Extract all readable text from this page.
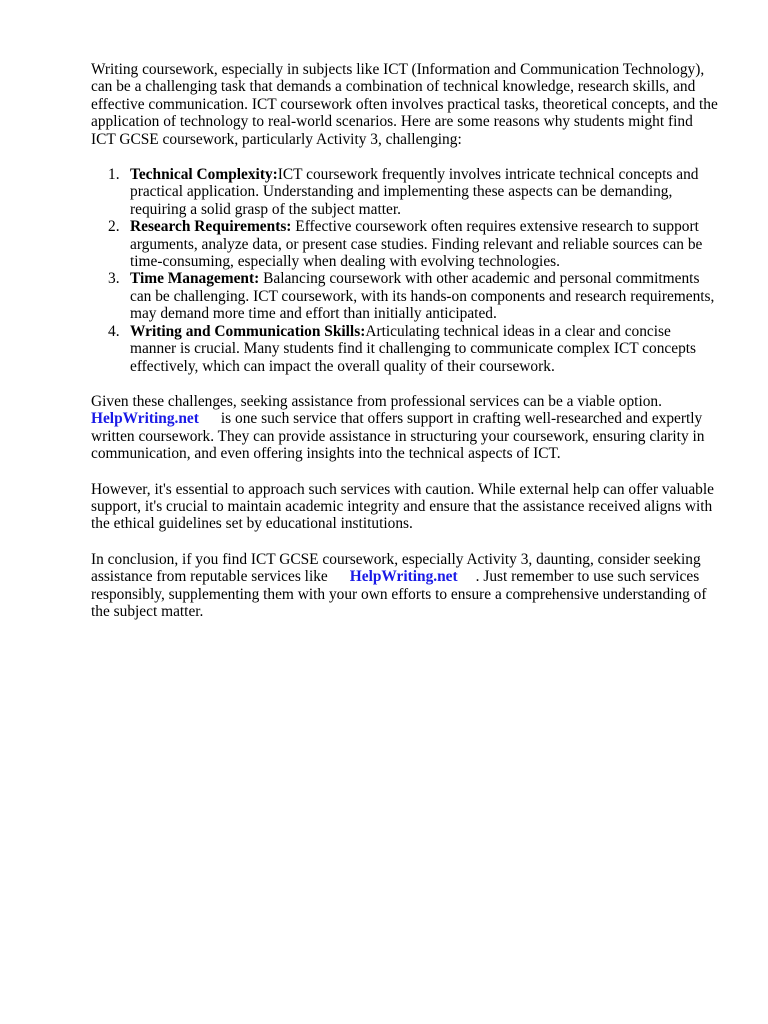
Writing coursework, especially in subjects like ICT (Information and Communication Technology), can be a challenging task that demands a combination of technical knowledge, research skills, and effective communication. ICT coursework often involves practical tasks, theoretical concepts, and the application of technology to real-world scenarios. Here are some reasons why students might find ICT GCSE coursework, particularly Activity 3, challenging:

1. Technical Complexity:ICT coursework frequently involves intricate technical concepts and practical application. Understanding and implementing these aspects can be demanding, requiring a solid grasp of the subject matter.
2. Research Requirements: Effective coursework often requires extensive research to support arguments, analyze data, or present case studies. Finding relevant and reliable sources can be time-consuming, especially when dealing with evolving technologies.
3. Time Management: Balancing coursework with other academic and personal commitments can be challenging. ICT coursework, with its hands-on components and research requirements, may demand more time and effort than initially anticipated.
4. Writing and Communication Skills:Articulating technical ideas in a clear and concise manner is crucial. Many students find it challenging to communicate complex ICT concepts effectively, which can impact the overall quality of their coursework.

Given these challenges, seeking assistance from professional services can be a viable option. HelpWriting.net is one such service that offers support in crafting well-researched and expertly written coursework. They can provide assistance in structuring your coursework, ensuring clarity in communication, and even offering insights into the technical aspects of ICT.

However, it's essential to approach such services with caution. While external help can offer valuable support, it's crucial to maintain academic integrity and ensure that the assistance received aligns with the ethical guidelines set by educational institutions.

In conclusion, if you find ICT GCSE coursework, especially Activity 3, daunting, consider seeking assistance from reputable services like HelpWriting.net . Just remember to use such services responsibly, supplementing them with your own efforts to ensure a comprehensive understanding of the subject matter.
